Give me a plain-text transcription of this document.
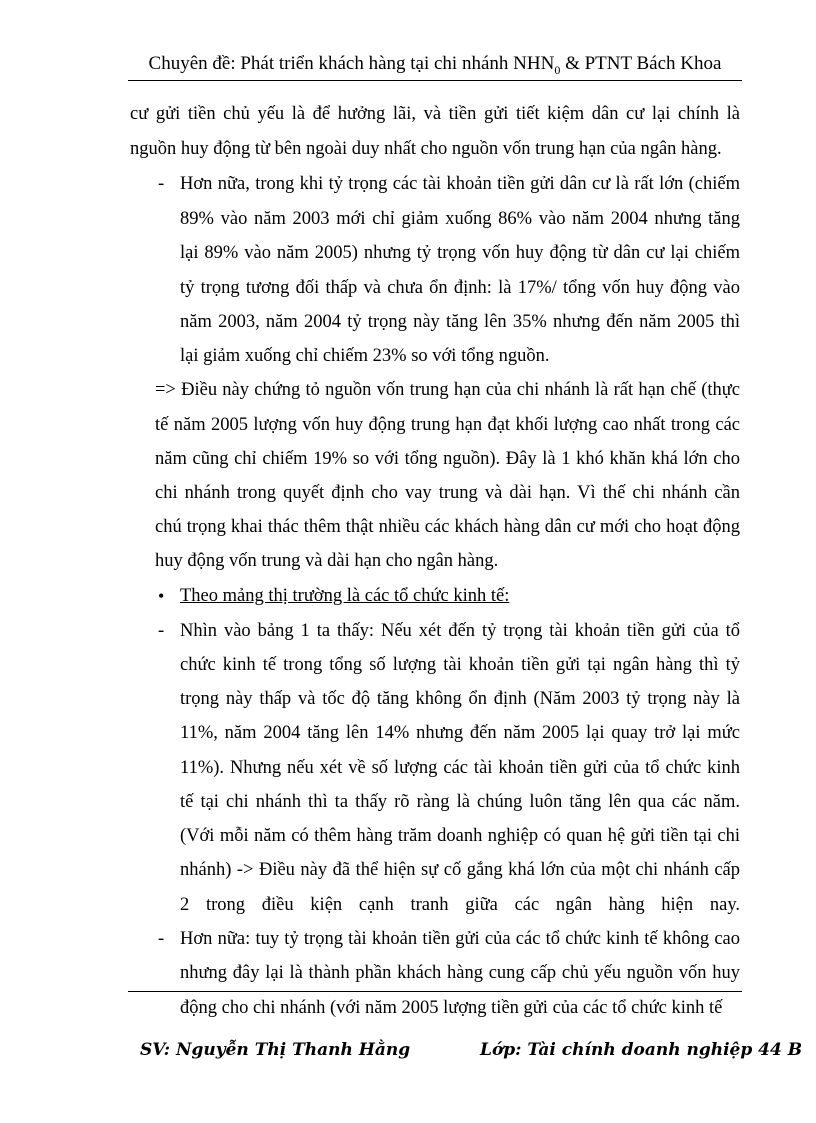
Chuyên đề: Phát triển khách hàng tại chi nhánh $NHN_0$ & PTNT Bách Khoa
cư gửi tiền chủ yếu là để hưởng lãi, và tiền gửi tiết kiệm dân cư lại chính là
nguồn huy động từ bên ngoài duy nhất cho nguồn vốn trung hạn của ngân hàng.
- Hơn nữa, trong khi tỷ trọng các tài khoản tiền gửi dân cư là rất lớn (chiếm
89% vào năm 2003 mới chỉ giảm xuống 86% vào năm 2004 nhưng tăng
lại 89% vào năm 2005) nhưng tỷ trọng vốn huy động từ dân cư lại chiếm
tỷ trọng tương đối thấp và chưa ổn định: là 17%/ tổng vốn huy động vào
năm 2003, năm 2004 tỷ trọng này tăng lên 35% nhưng đến năm 2005 thì
lại giảm xuống chỉ chiếm 23% so với tổng nguồn.
=> Điều này chứng tỏ nguồn vốn trung hạn của chi nhánh là rất hạn chế (thực
tế năm 2005 lượng vốn huy động trung hạn đạt khối lượng cao nhất trong các
năm cũng chỉ chiếm 19% so với tổng nguồn). Đây là 1 khó khăn khá lớn cho
chi nhánh trong quyết định cho vay trung và dài hạn. Vì thế chi nhánh cần
chú trọng khai thác thêm thật nhiều các khách hàng dân cư mới cho hoạt động
huy động vốn trung và dài hạn cho ngân hàng.
• Theo mảng thị trường là các tổ chức kinh tế:
- Nhìn vào bảng 1 ta thấy: Nếu xét đến tỷ trọng tài khoản tiền gửi của tổ
chức kinh tế trong tổng số lượng tài khoản tiền gửi tại ngân hàng thì tỷ
trọng này thấp và tốc độ tăng không ổn định (Năm 2003 tỷ trọng này là
11%, năm 2004 tăng lên 14% nhưng đến năm 2005 lại quay trở lại mức
11%). Nhưng nếu xét về số lượng các tài khoản tiền gửi của tổ chức kinh
tế tại chi nhánh thì ta thấy rõ ràng là chúng luôn tăng lên qua các năm.
(Với mỗi năm có thêm hàng trăm doanh nghiệp có quan hệ gửi tiền tại chi
nhánh) -> Điều này đã thể hiện sự cố gắng khá lớn của một chi nhánh cấp
2 trong điều kiện cạnh tranh giữa các ngân hàng hiện nay.
- Hơn nữa: tuy tỷ trọng tài khoản tiền gửi của các tổ chức kinh tế không cao
nhưng đây lại là thành phần khách hàng cung cấp chủ yếu nguồn vốn huy
động cho chi nhánh (với năm 2005 lượng tiền gửi của các tổ chức kinh tế
SV: Nguyễn Thị Thanh Hằng	Lớp: Tài chính doanh nghiệp 44 B
